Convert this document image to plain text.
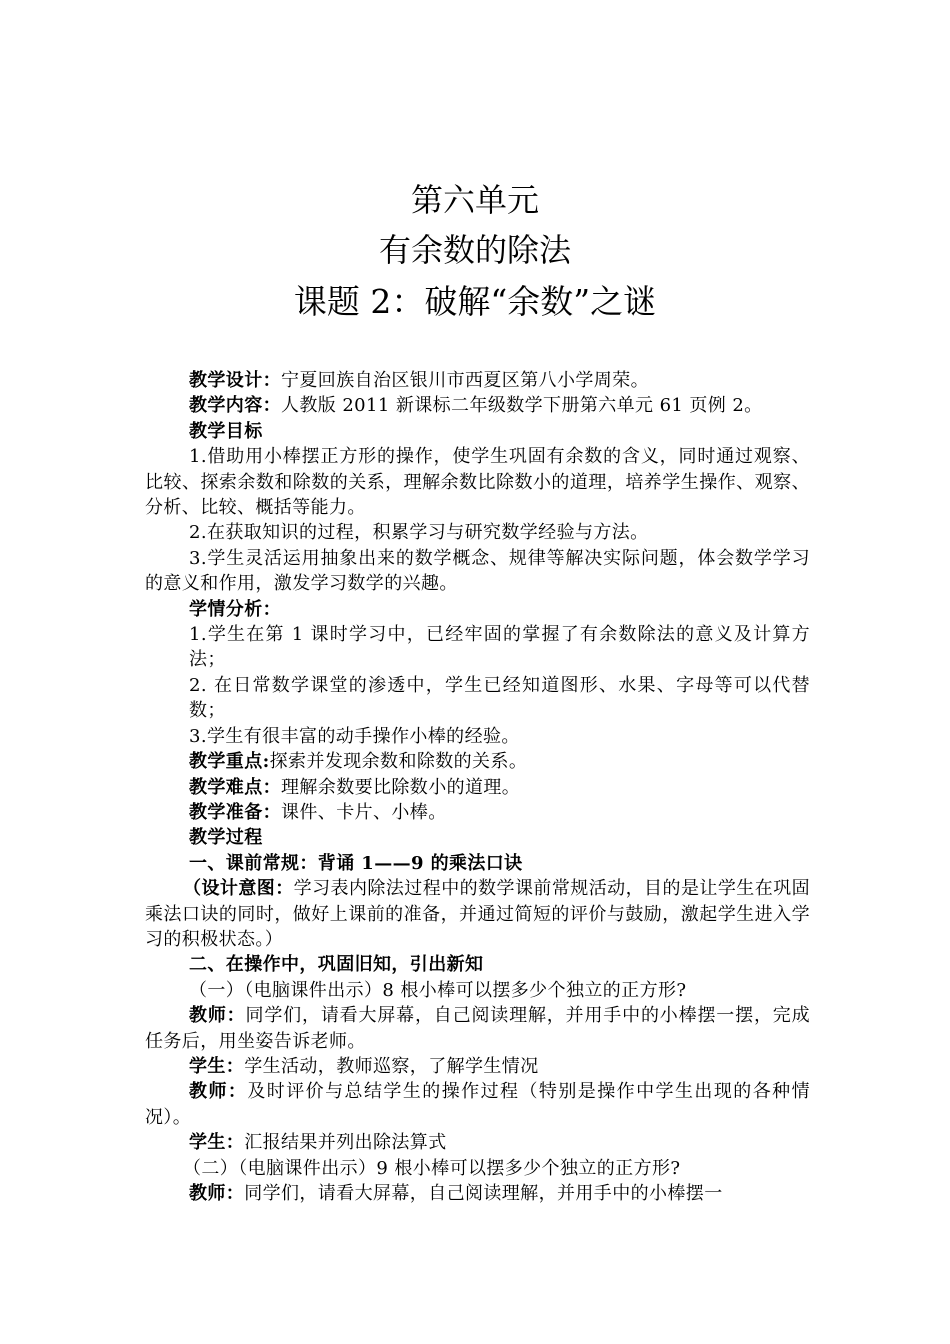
第六单元
有余数的除法
课题 2：破解“余数”之谜

教学设计：宁夏回族自治区银川市西夏区第八小学周荣。

教学内容：人教版 2011 新课标二年级数学下册第六单元 61 页例 2。

教学目标

1.借助用小棒摆正方形的操作，使学生巩固有余数的含义，同时通过观察、比较、探索余数和除数的关系，理解余数比除数小的道理，培养学生操作、观察、分析、比较、概括等能力。

2.在获取知识的过程，积累学习与研究数学经验与方法。

3.学生灵活运用抽象出来的数学概念、规律等解决实际问题，体会数学学习的意义和作用，激发学习数学的兴趣。

学情分析：

1.学生在第 1 课时学习中，已经牢固的掌握了有余数除法的意义及计算方法；

2. 在日常数学课堂的渗透中，学生已经知道图形、水果、字母等可以代替数；

3.学生有很丰富的动手操作小棒的经验。

教学重点:探索并发现余数和除数的关系。

教学难点：理解余数要比除数小的道理。

教学准备：课件、卡片、小棒。

教学过程

一、课前常规：背诵 1——9 的乘法口诀

（设计意图：学习表内除法过程中的数学课前常规活动，目的是让学生在巩固乘法口诀的同时，做好上课前的准备，并通过简短的评价与鼓励，激起学生进入学习的积极状态。）

二、在操作中，巩固旧知，引出新知

（一）（电脑课件出示）8 根小棒可以摆多少个独立的正方形?

教师：同学们，请看大屏幕，自己阅读理解，并用手中的小棒摆一摆，完成任务后，用坐姿告诉老师。

学生：学生活动，教师巡察，了解学生情况

教师：及时评价与总结学生的操作过程（特别是操作中学生出现的各种情况）。

学生：汇报结果并列出除法算式

（二）（电脑课件出示）9 根小棒可以摆多少个独立的正方形?

教师：同学们，请看大屏幕，自己阅读理解，并用手中的小棒摆一
